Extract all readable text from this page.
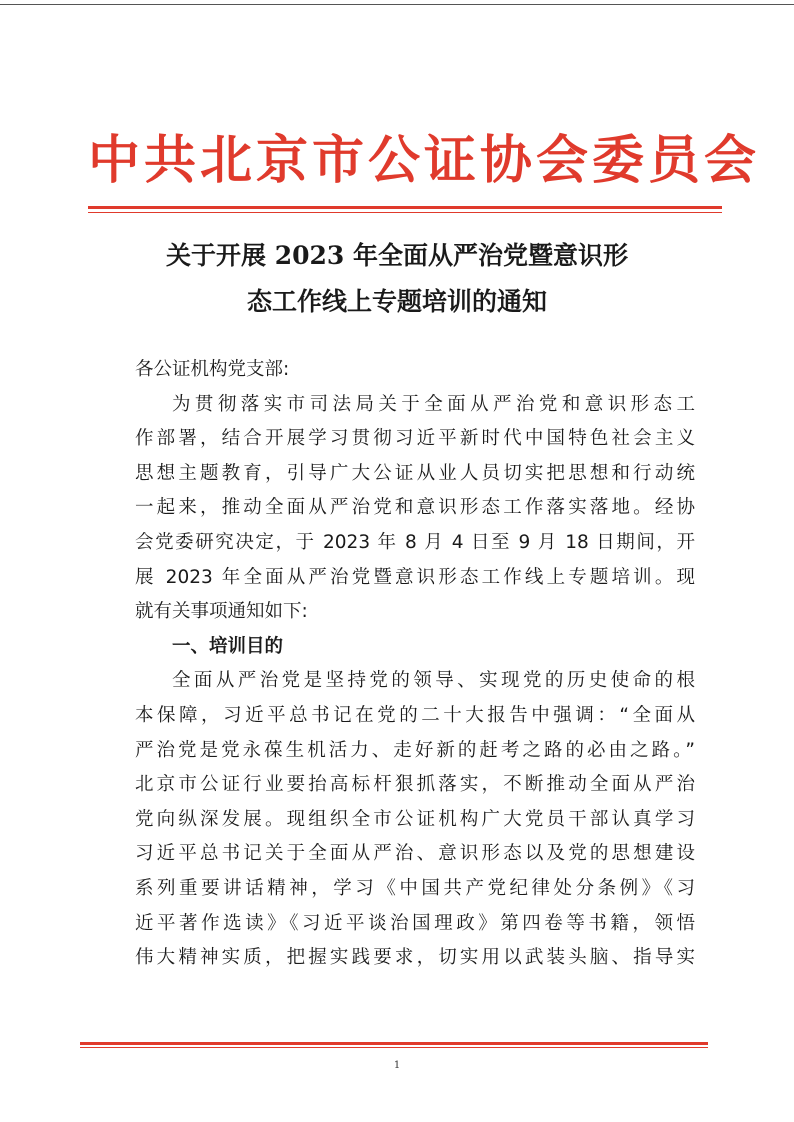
中共北京市公证协会委员会
关于开展 2023 年全面从严治党暨意识形
态工作线上专题培训的通知
各公证机构党支部:
为贯彻落实市司法局关于全面从严治党和意识形态工
作部署，结合开展学习贯彻习近平新时代中国特色社会主义
思想主题教育，引导广大公证从业人员切实把思想和行动统
一起来，推动全面从严治党和意识形态工作落实落地。经协
会党委研究决定，于 2023 年 8 月 4 日至 9 月 18 日期间，开
展 2023 年全面从严治党暨意识形态工作线上专题培训。现
就有关事项通知如下:
一、培训目的
全面从严治党是坚持党的领导、实现党的历史使命的根
本保障，习近平总书记在党的二十大报告中强调：“全面从
严治党是党永葆生机活力、走好新的赶考之路的必由之路。”
北京市公证行业要抬高标杆狠抓落实，不断推动全面从严治
党向纵深发展。现组织全市公证机构广大党员干部认真学习
习近平总书记关于全面从严治、意识形态以及党的思想建设
系列重要讲话精神，学习《中国共产党纪律处分条例》《习
近平著作选读》《习近平谈治国理政》第四卷等书籍，领悟
伟大精神实质，把握实践要求，切实用以武装头脑、指导实
1
